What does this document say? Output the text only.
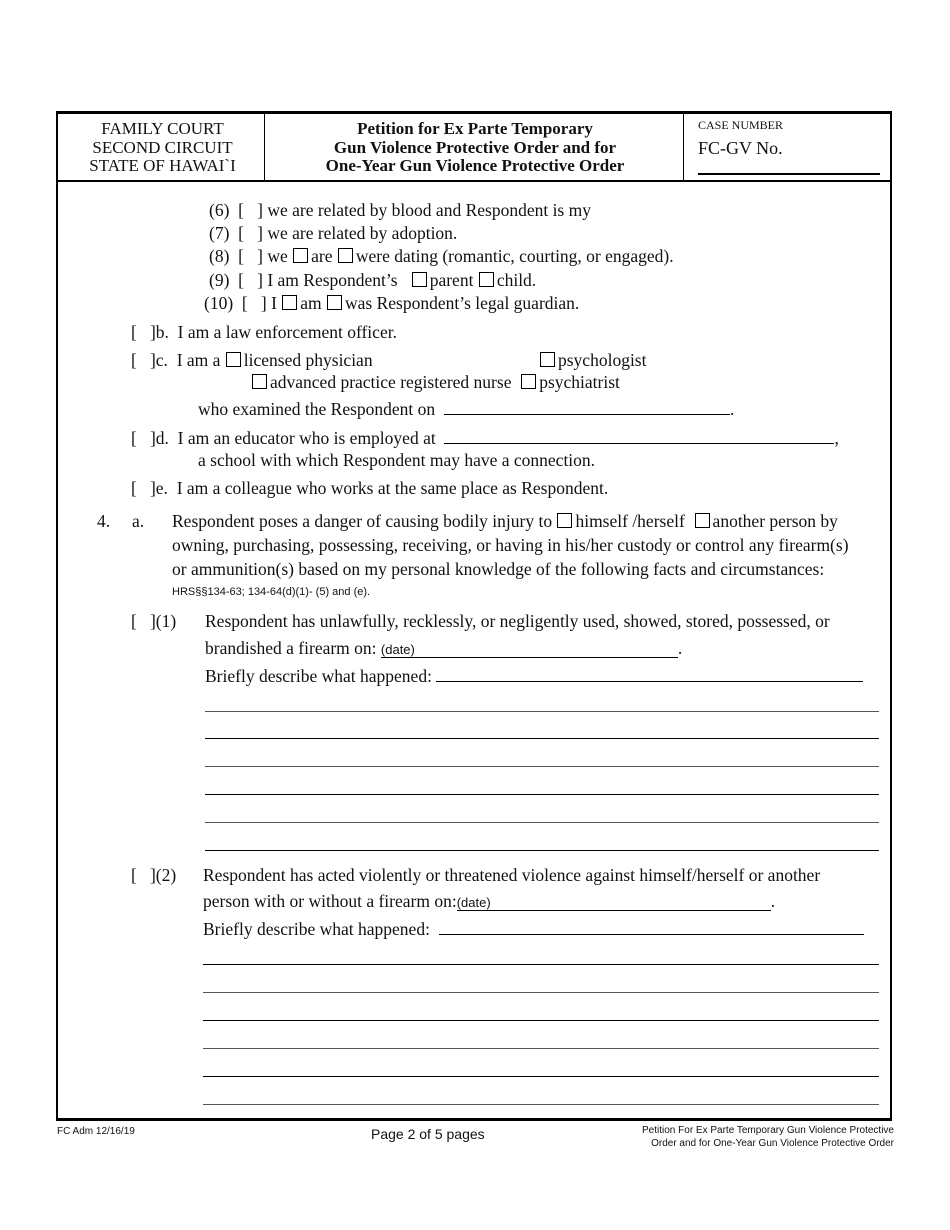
FAMILY COURT
SECOND CIRCUIT
STATE OF HAWAI`I
Petition for Ex Parte Temporary
Gun Violence Protective Order and for
One-Year Gun Violence Protective Order
CASE NUMBER
FC-GV No.
(6) [   ] we are related by blood and Respondent is my
(7) [   ] we are related by adoption.
(8) [   ] we are were dating (romantic, courting, or engaged).
(9) [   ] I am Respondent’s parent child.
(10) [   ] I am was Respondent’s legal guardian.
[   ]b. I am a law enforcement officer.
[   ]c. I am a licensed physician	psychologist
advanced practice registered nurse psychiatrist
who examined the Respondent on	.
[   ]d. I am an educator who is employed at	,
a school with which Respondent may have a connection.
[   ]e. I am a colleague who works at the same place as Respondent.
4. a. Respondent poses a danger of causing bodily injury to himself /herself another person by
owning, purchasing, possessing, receiving, or having in his/her custody or control any firearm(s)
or ammunition(s) based on my personal knowledge of the following facts and circumstances:
HRS§§134-63; 134-64(d)(1)- (5) and (e).
[   ](1) Respondent has unlawfully, recklessly, or negligently used, showed, stored, possessed, or
brandished a firearm on: (date)	.
Briefly describe what happened:
[   ](2) Respondent has acted violently or threatened violence against himself/herself or another
person with or without a firearm on:(date)	.
Briefly describe what happened:
FC Adm 12/16/19	Page 2 of 5 pages	Petition For Ex Parte Temporary Gun Violence Protective
Order and for One-Year Gun Violence Protective Order
